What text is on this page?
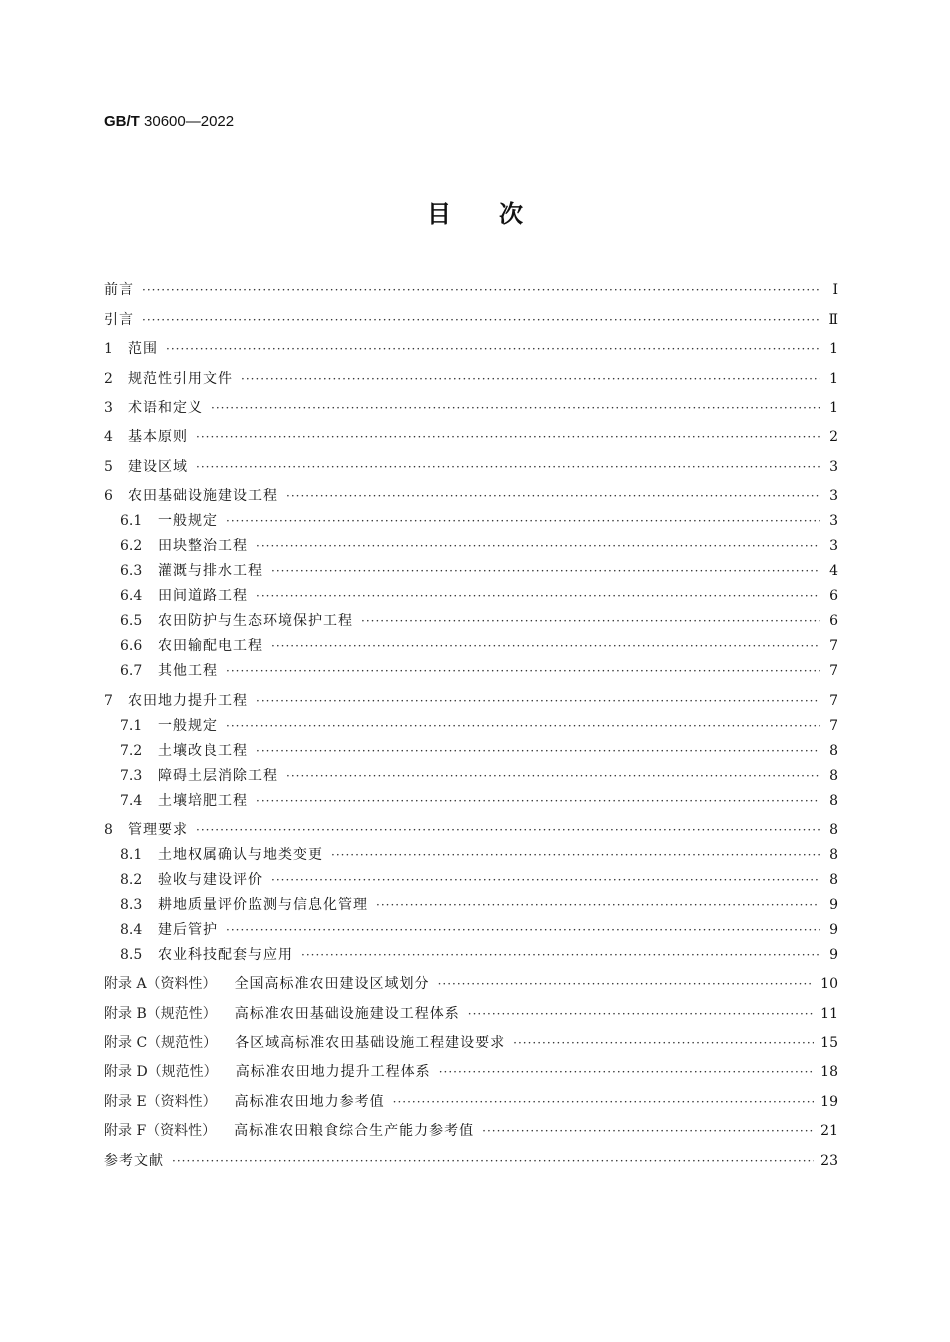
GB/T 30600—2022
目次
前言 ·····	Ⅰ
引言 ·····	Ⅱ
1	范围 ·····	1
2	规范性引用文件 ·····	1
3	术语和定义 ·····	1
4	基本原则 ·····	2
5	建设区域 ·····	3
6	农田基础设施建设工程 ·····	3
6.1	一般规定 ·····	3
6.2	田块整治工程 ·····	3
6.3	灌溉与排水工程 ·····	4
6.4	田间道路工程 ·····	6
6.5	农田防护与生态环境保护工程 ·····	6
6.6	农田输配电工程 ·····	7
6.7	其他工程 ·····	7
7	农田地力提升工程 ·····	7
7.1	一般规定 ·····	7
7.2	土壤改良工程 ·····	8
7.3	障碍土层消除工程 ·····	8
7.4	土壤培肥工程 ·····	8
8	管理要求 ·····	8
8.1	土地权属确认与地类变更 ·····	8
8.2	验收与建设评价 ·····	8
8.3	耕地质量评价监测与信息化管理 ·····	9
8.4	建后管护 ·····	9
8.5	农业科技配套与应用 ·····	9
附录 A（资料性） 全国高标准农田建设区域划分 ·····	10
附录 B（规范性） 高标准农田基础设施建设工程体系 ·····	11
附录 C（规范性） 各区域高标准农田基础设施工程建设要求 ·····	15
附录 D（规范性） 高标准农田地力提升工程体系 ·····	18
附录 E（资料性） 高标准农田地力参考值 ·····	19
附录 F（资料性） 高标准农田粮食综合生产能力参考值 ·····	21
参考文献 ·····	23
